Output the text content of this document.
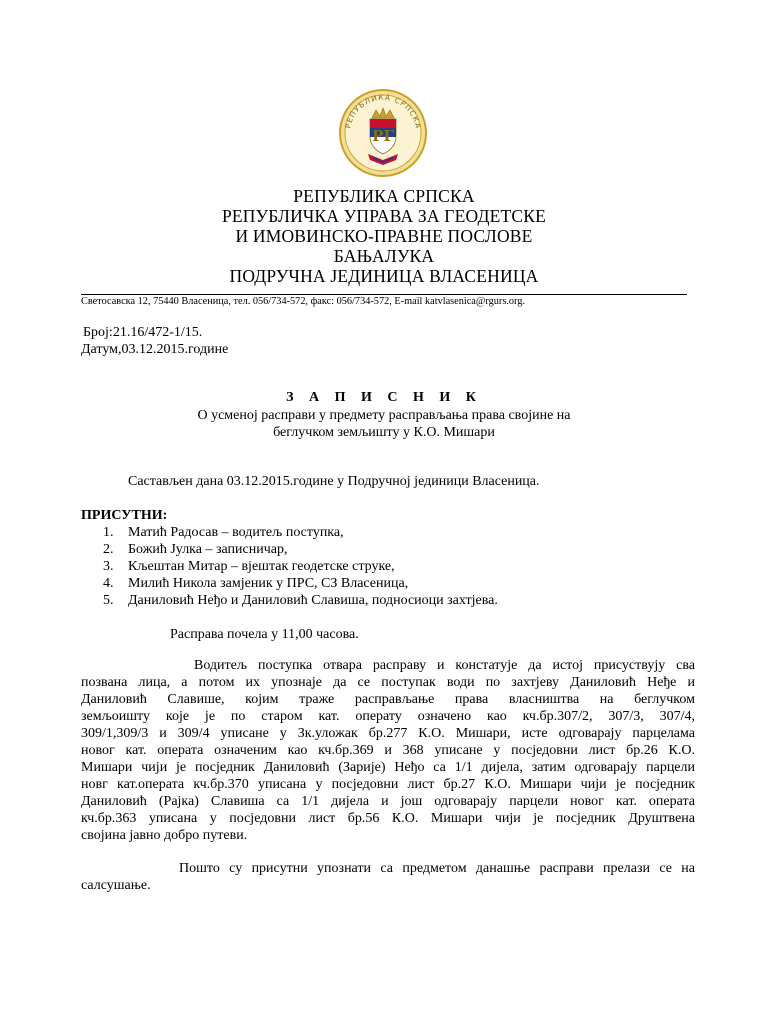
РЕПУБЛИКА СРПСКА
РГ
РЕПУБЛИКА СРПСКА
РЕПУБЛИЧКА УПРАВА ЗА ГЕОДЕТСКЕ
И ИМОВИНСКО-ПРАВНЕ ПОСЛОВЕ
БАЊАЛУКА
ПОДРУЧНА ЈЕДИНИЦА ВЛАСЕНИЦА
Светосавска 12, 75440 Власеница, тел. 056/734-572, факс: 056/734-572, E-mail katvlasenica@rgurs.org.
Број:21.16/472-1/15.
Датум,03.12.2015.године
З А П И С Н И К
О усменој расправи у предмету расправљања права својине на
беглучком земљишту у К.О. Мишари
Састављен дана 03.12.2015.године у Подручној јединици Власеница.
ПРИСУТНИ:
1. Матић Радосав – водитељ поступка,
2. Божић Јулка – записничар,
3. Кљештан Митар – вјештак геодетске струке,
4. Милић Никола замјеник у ПРС, СЗ Власеница,
5. Даниловић Нeђо и Даниловић Славиша, подносиоци захтјева.
Расправа почела у 11,00 часова.
Водитељ поступка отвара расправу и констатује да истој присуствују сва
позвана лица, а потом их упознаје да се поступак води по захтјеву Даниловић Нeђе и
Даниловић Славише, којим траже расправљање права власништва на беглучком
земљоишту које је по старом кат. операту означено као кч.бр.307/2, 307/3, 307/4,
309/1,309/3 и 309/4 уписане у Зк.уложак бр.277 К.О. Мишари, исте одговарају парцелама
новог кат. опeрата означеним као кч.бр.369 и 368 уписане у посједовни лист бр.26 К.О.
Мишари чији је посједник Даниловић (Зарије) Нeђо са 1/1 дијела, затим одговарају парцели
новг кат.операта кч.бр.370 уписана у посједовни лист бр.27 К.О. Мишари чији је посједник
Даниловић (Рајка) Славиша са 1/1 дијела и још одговарају парцели новог кат. операта
кч.бр.363 уписана у посједовни лист бр.56 К.О. Мишари чији је посједник Друштвена
својина јавно добро путеви.
Пошто су присутни упознати са предметом данашње расправи прелази се на
салсушање.
